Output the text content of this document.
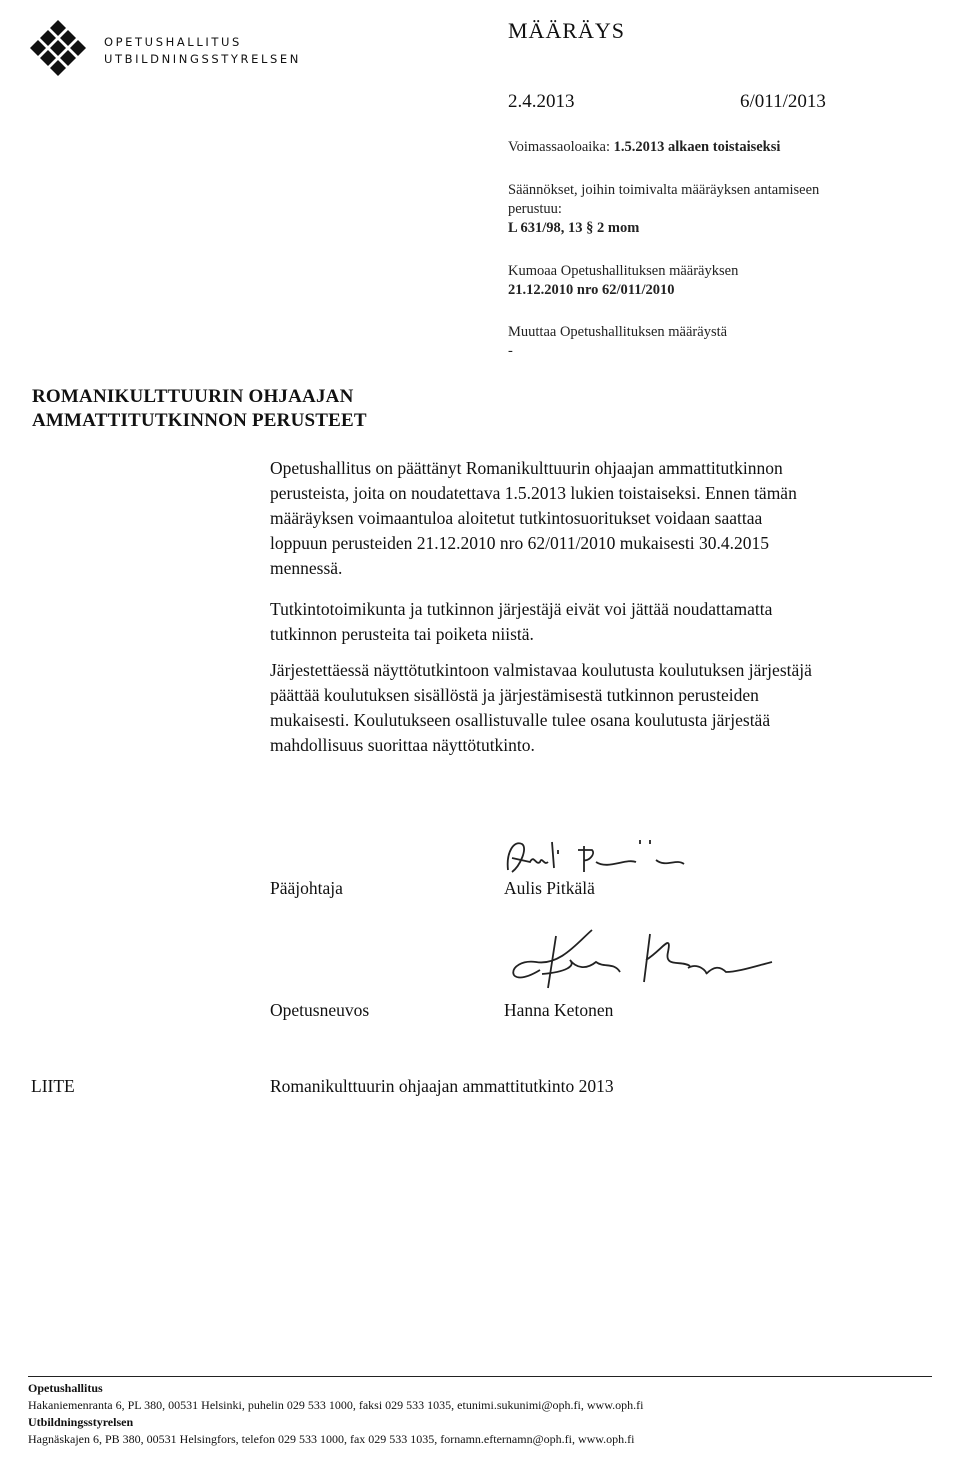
OPETUSHALLITUS
UTBILDNINGSSTYRELSEN
MÄÄRÄYS
2.4.2013	6/011/2013
Voimassaoloaika: 1.5.2013 alkaen toistaiseksi
Säännökset, joihin toimivalta määräyksen antamiseen
perustuu:
L 631/98, 13 § 2 mom
Kumoaa Opetushallituksen määräyksen
21.12.2010 nro 62/011/2010
Muuttaa Opetushallituksen määräystä
-
ROMANIKULTTUURIN OHJAAJAN
AMMATTITUTKINNON PERUSTEET
Opetushallitus on päättänyt Romanikulttuurin ohjaajan ammattitutkinnon
perusteista, joita on noudatettava 1.5.2013 lukien toistaiseksi. Ennen tämän
määräyksen voimaantuloa aloitetut tutkintosuoritukset voidaan saattaa
loppuun perusteiden 21.12.2010 nro 62/011/2010 mukaisesti 30.4.2015
mennessä.
Tutkintotoimikunta ja tutkinnon järjestäjä eivät voi jättää noudattamatta
tutkinnon perusteita tai poiketa niistä.
Järjestettäessä näyttötutkintoon valmistavaa koulutusta koulutuksen järjestäjä
päättää koulutuksen sisällöstä ja järjestämisestä tutkinnon perusteiden
mukaisesti. Koulutukseen osallistuvalle tulee osana koulutusta järjestää
mahdollisuus suorittaa näyttötutkinto.
Pääjohtaja	Aulis Pitkälä
Opetusneuvos	Hanna Ketonen
LIITE	Romanikulttuurin ohjaajan ammattitutkinto 2013
Opetushallitus
Hakaniemenranta 6, PL 380, 00531 Helsinki, puhelin 029 533 1000, faksi 029 533 1035, etunimi.sukunimi@oph.fi, www.oph.fi
Utbildningsstyrelsen
Hagnäskajen 6, PB 380, 00531 Helsingfors, telefon 029 533 1000, fax 029 533 1035, fornamn.efternamn@oph.fi, www.oph.fi
